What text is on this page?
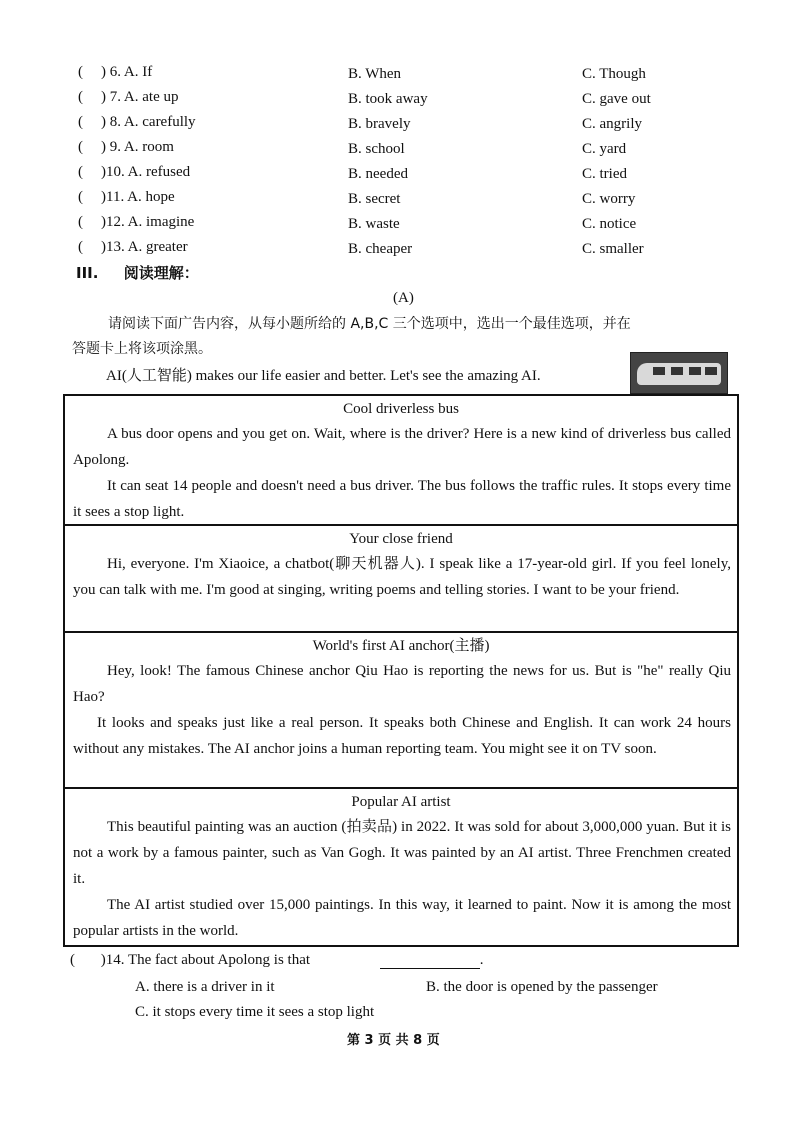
( ) 6. A. If	B. When	C. Though
( ) 7. A. ate up	B. took away	C. gave out
( ) 8. A. carefully	B. bravely	C. angrily
( ) 9. A. room	B. school	C. yard
( )10. A. refused	B. needed	C. tried
( )11. A. hope	B. secret	C. worry
( )12. A. imagine	B. waste	C. notice
( )13. A. greater	B. cheaper	C. smaller
III. 阅读理解：
(A)
请阅读下面广告内容，从每小题所给的 A,B,C 三个选项中，选出一个最佳选项，并在
答题卡上将该项涂黑。
AI(人工智能) makes our life easier and better. Let's see the amazing AI.
Cool driverless bus
A bus door opens and you get on. Wait, where is the driver? Here is a new kind of driverless bus called Apolong.
It can seat 14 people and doesn't need a bus driver. The bus follows the traffic rules. It stops every time it sees a stop light.
Your close friend
Hi, everyone. I'm Xiaoice, a chatbot(聊天机器人). I speak like a 17-year-old girl. If you feel lonely, you can talk with me. I'm good at singing, writing poems and telling stories. I want to be your friend.
World's first AI anchor(主播)
Hey, look! The famous Chinese anchor Qiu Hao is reporting the news for us. But is "he" really Qiu Hao?
It looks and speaks just like a real person. It speaks both Chinese and English. It can work 24 hours without any mistakes. The AI anchor joins a human reporting team. You might see it on TV soon.
Popular AI artist
This beautiful painting was an auction (拍卖品) in 2022. It was sold for about 3,000,000 yuan. But it is not a work by a famous painter, such as Van Gogh. It was painted by an AI artist. Three Frenchmen created it.
The AI artist studied over 15,000 paintings. In this way, it learned to paint. Now it is among the most popular artists in the world.
( )14. The fact about Apolong is that	.
A. there is a driver in it	B. the door is opened by the passenger
C. it stops every time it sees a stop light
第 3 页 共 8 页
